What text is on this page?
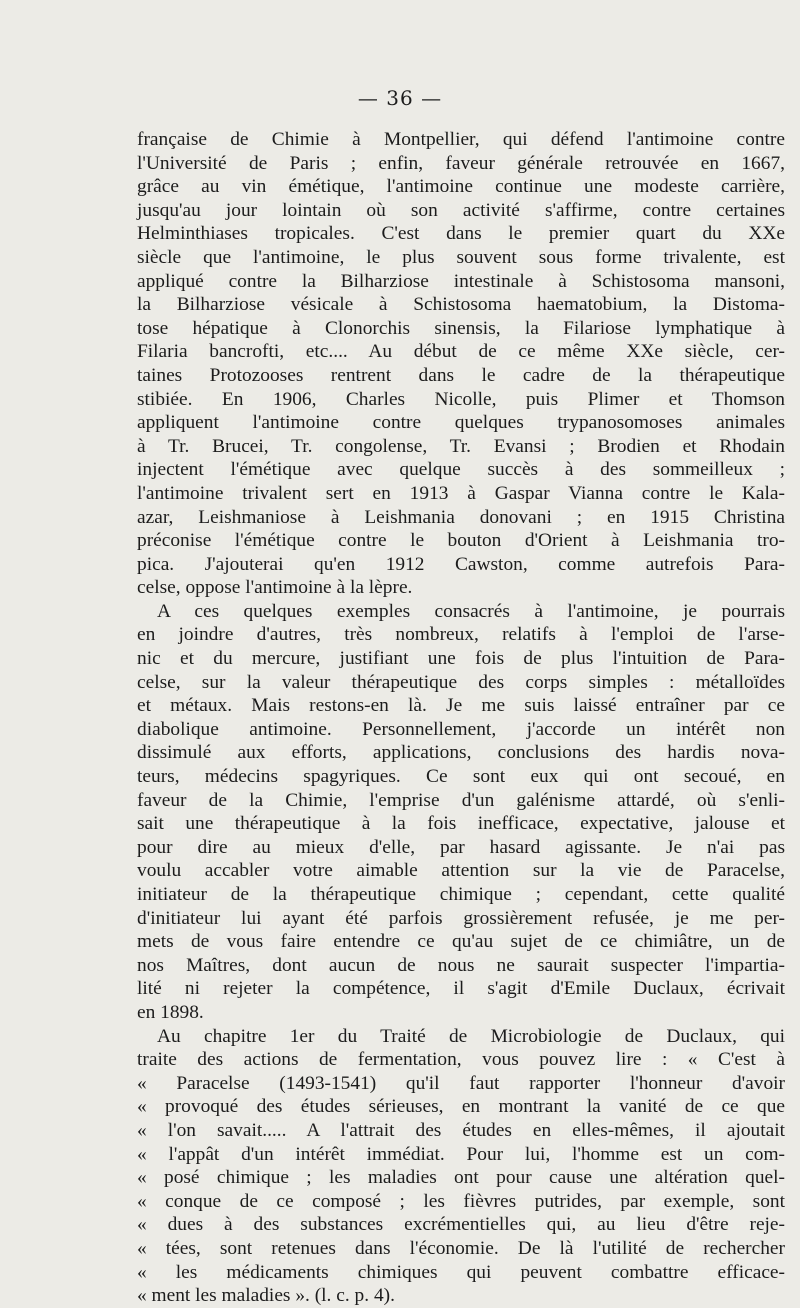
— 36 —
française de Chimie à Montpellier, qui défend l'antimoine contre
l'Université de Paris ; enfin, faveur générale retrouvée en 1667,
grâce au vin émétique, l'antimoine continue une modeste carrière,
jusqu'au jour lointain où son activité s'affirme, contre certaines
Helminthiases tropicales. C'est dans le premier quart du XXe
siècle que l'antimoine, le plus souvent sous forme trivalente, est
appliqué contre la Bilharziose intestinale à Schistosoma mansoni,
la Bilharziose vésicale à Schistosoma haematobium, la Distoma-
tose hépatique à Clonorchis sinensis, la Filariose lymphatique à
Filaria bancrofti, etc.... Au début de ce même XXe siècle, cer-
taines Protozooses rentrent dans le cadre de la thérapeutique
stibiée. En 1906, Charles Nicolle, puis Plimer et Thomson
appliquent l'antimoine contre quelques trypanosomoses animales
à Tr. Brucei, Tr. congolense, Tr. Evansi ; Brodien et Rhodain
injectent l'émétique avec quelque succès à des sommeilleux ;
l'antimoine trivalent sert en 1913 à Gaspar Vianna contre le Kala-
azar, Leishmaniose à Leishmania donovani ; en 1915 Christina
préconise l'émétique contre le bouton d'Orient à Leishmania tro-
pica. J'ajouterai qu'en 1912 Cawston, comme autrefois Para-
celse, oppose l'antimoine à la lèpre.
A ces quelques exemples consacrés à l'antimoine, je pourrais
en joindre d'autres, très nombreux, relatifs à l'emploi de l'arse-
nic et du mercure, justifiant une fois de plus l'intuition de Para-
celse, sur la valeur thérapeutique des corps simples : métalloïdes
et métaux. Mais restons-en là. Je me suis laissé entraîner par ce
diabolique antimoine. Personnellement, j'accorde un intérêt non
dissimulé aux efforts, applications, conclusions des hardis nova-
teurs, médecins spagyriques. Ce sont eux qui ont secoué, en
faveur de la Chimie, l'emprise d'un galénisme attardé, où s'enli-
sait une thérapeutique à la fois inefficace, expectative, jalouse et
pour dire au mieux d'elle, par hasard agissante. Je n'ai pas
voulu accabler votre aimable attention sur la vie de Paracelse,
initiateur de la thérapeutique chimique ; cependant, cette qualité
d'initiateur lui ayant été parfois grossièrement refusée, je me per-
mets de vous faire entendre ce qu'au sujet de ce chimiâtre, un de
nos Maîtres, dont aucun de nous ne saurait suspecter l'impartia-
lité ni rejeter la compétence, il s'agit d'Emile Duclaux, écrivait
en 1898.
Au chapitre 1er du Traité de Microbiologie de Duclaux, qui
traite des actions de fermentation, vous pouvez lire : « C'est à
« Paracelse (1493-1541) qu'il faut rapporter l'honneur d'avoir
« provoqué des études sérieuses, en montrant la vanité de ce que
« l'on savait..... A l'attrait des études en elles-mêmes, il ajoutait
« l'appât d'un intérêt immédiat. Pour lui, l'homme est un com-
« posé chimique ; les maladies ont pour cause une altération quel-
« conque de ce composé ; les fièvres putrides, par exemple, sont
« dues à des substances excrémentielles qui, au lieu d'être reje-
« tées, sont retenues dans l'économie. De là l'utilité de rechercher
« les médicaments chimiques qui peuvent combattre efficace-
« ment les maladies ». (l. c. p. 4).
